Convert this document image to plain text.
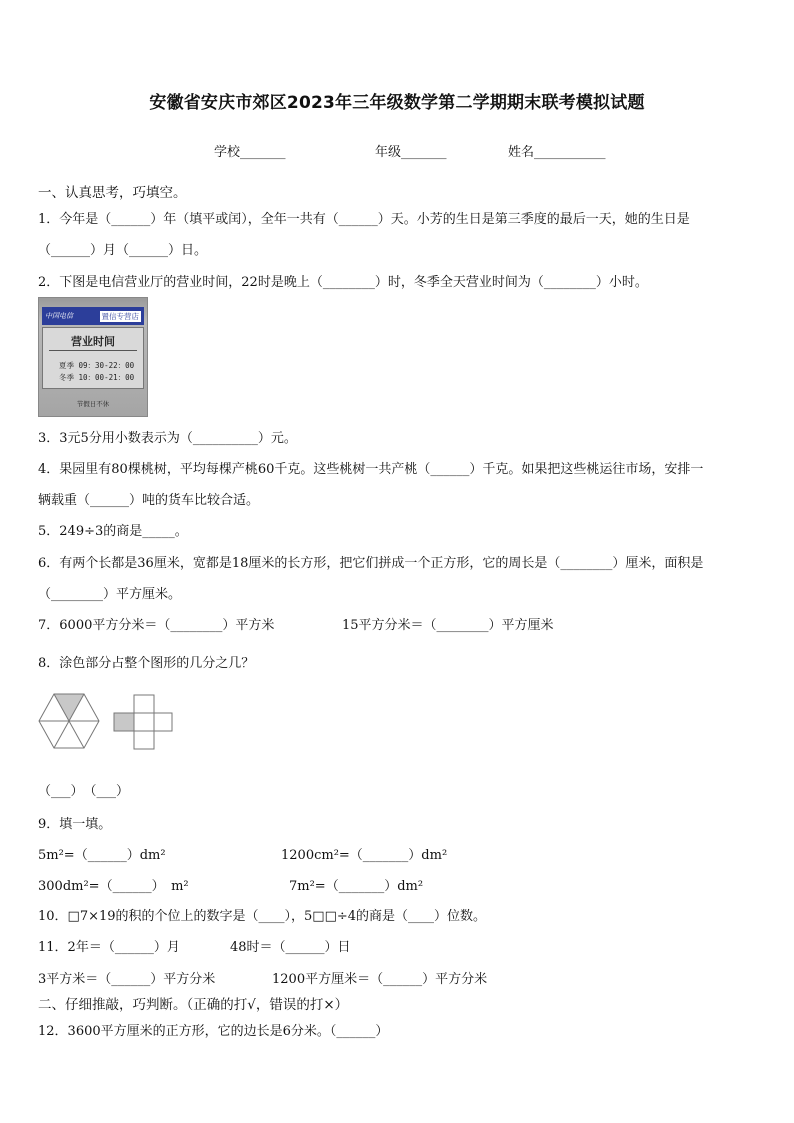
安徽省安庆市郊区2023年三年级数学第二学期期末联考模拟试题
学校_______	年级_______	姓名___________
一、认真思考，巧填空。
1．今年是（______）年（填平或闰），全年一共有（______）天。小芳的生日是第三季度的最后一天，她的生日是
（______）月（______）日。
2．下图是电信营业厅的营业时间，22时是晚上（________）时，冬季全天营业时间为（________）小时。
中国电信	置信专营店
营业时间
夏季 09：30-22：00
冬季 10：00-21：00
节假日不休
3．3元5分用小数表示为（__________）元。
4．果园里有80棵桃树，平均每棵产桃60千克。这些桃树一共产桃（______）千克。如果把这些桃运往市场，安排一
辆载重（______）吨的货车比较合适。
5．249÷3的商是_____。
6．有两个长都是36厘米，宽都是18厘米的长方形，把它们拼成一个正方形，它的周长是（________）厘米，面积是
（________）平方厘米。
7．6000平方分米＝（________）平方米	15平方分米＝（________）平方厘米
8．涂色部分占整个图形的几分之几？
（___）　（___）
9．填一填。
5m²=（______）dm²	1200cm²=（_______）dm²
300dm²=（______）　m²	7m²=（_______）dm²
10．□7×19的积的个位上的数字是（____），5□□÷4的商是（____）位数。
11．2年＝（______）月	48时＝（______）日
3平方米＝（______）平方分米	1200平方厘米＝（______）平方分米
二、仔细推敲，巧判断。（正确的打√，错误的打×）
12．3600平方厘米的正方形，它的边长是6分米。（______）
